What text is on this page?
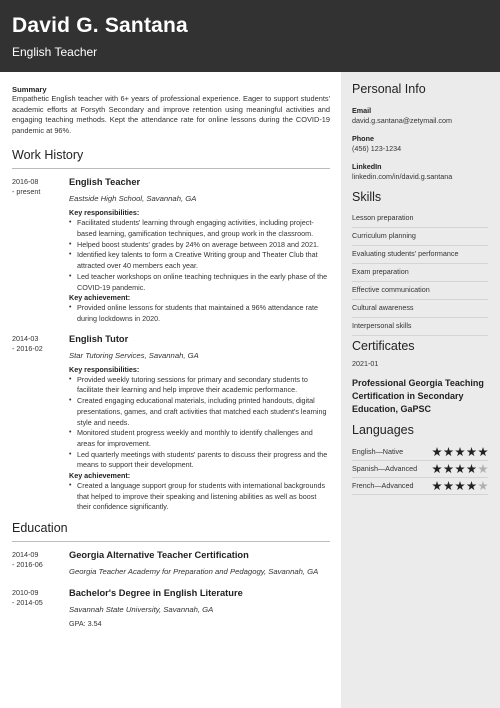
David G. Santana
English Teacher
Summary
Empathetic English teacher with 6+ years of professional experience. Eager to support students' academic efforts at Forsyth Secondary and improve retention using meaningful activities and engaging teaching methods. Kept the attendance rate for online lessons during the COVID-19 pandemic at 96%.
Work History
2016-08
- present
English Teacher
Eastside High School, Savannah, GA
Key responsibilities:
• Facilitated students' learning through engaging activities, including project-based learning, gamification techniques, and group work in the classroom.
• Helped boost students' grades by 24% on average between 2018 and 2021.
• Identified key talents to form a Creative Writing group and Theater Club that attracted over 40 members each year.
• Led teacher workshops on online teaching techniques in the early phase of the COVID-19 pandemic.
Key achievement:
• Provided online lessons for students that maintained a 96% attendance rate during lockdowns in 2020.
2014-03
- 2016-02
English Tutor
Star Tutoring Services, Savannah, GA
Key responsibilities:
• Provided weekly tutoring sessions for primary and secondary students to facilitate their learning and help improve their academic performance.
• Created engaging educational materials, including printed handouts, digital presentations, games, and craft activities that matched each student's learning style and needs.
• Monitored student progress weekly and monthly to identify challenges and areas for improvement.
• Led quarterly meetings with students' parents to discuss their progress and the means to support their development.
Key achievement:
• Created a language support group for students with international backgrounds that helped to improve their speaking and listening abilities as well as boost their confidence significantly.
Education
2014-09
- 2016-06
Georgia Alternative Teacher Certification
Georgia Teacher Academy for Preparation and Pedagogy, Savannah, GA
2010-09
- 2014-05
Bachelor's Degree in English Literature
Savannah State University, Savannah, GA
GPA: 3.54
Personal Info
Email
david.g.santana@zetymail.com
Phone
(456) 123-1234
LinkedIn
linkedin.com/in/david.g.santana
Skills
Lesson preparation
Curriculum planning
Evaluating students' performance
Exam preparation
Effective communication
Cultural awareness
Interpersonal skills
Certificates
2021-01
Professional Georgia Teaching Certification in Secondary Education, GaPSC
Languages
English—Native
Spanish—Advanced
French—Advanced
